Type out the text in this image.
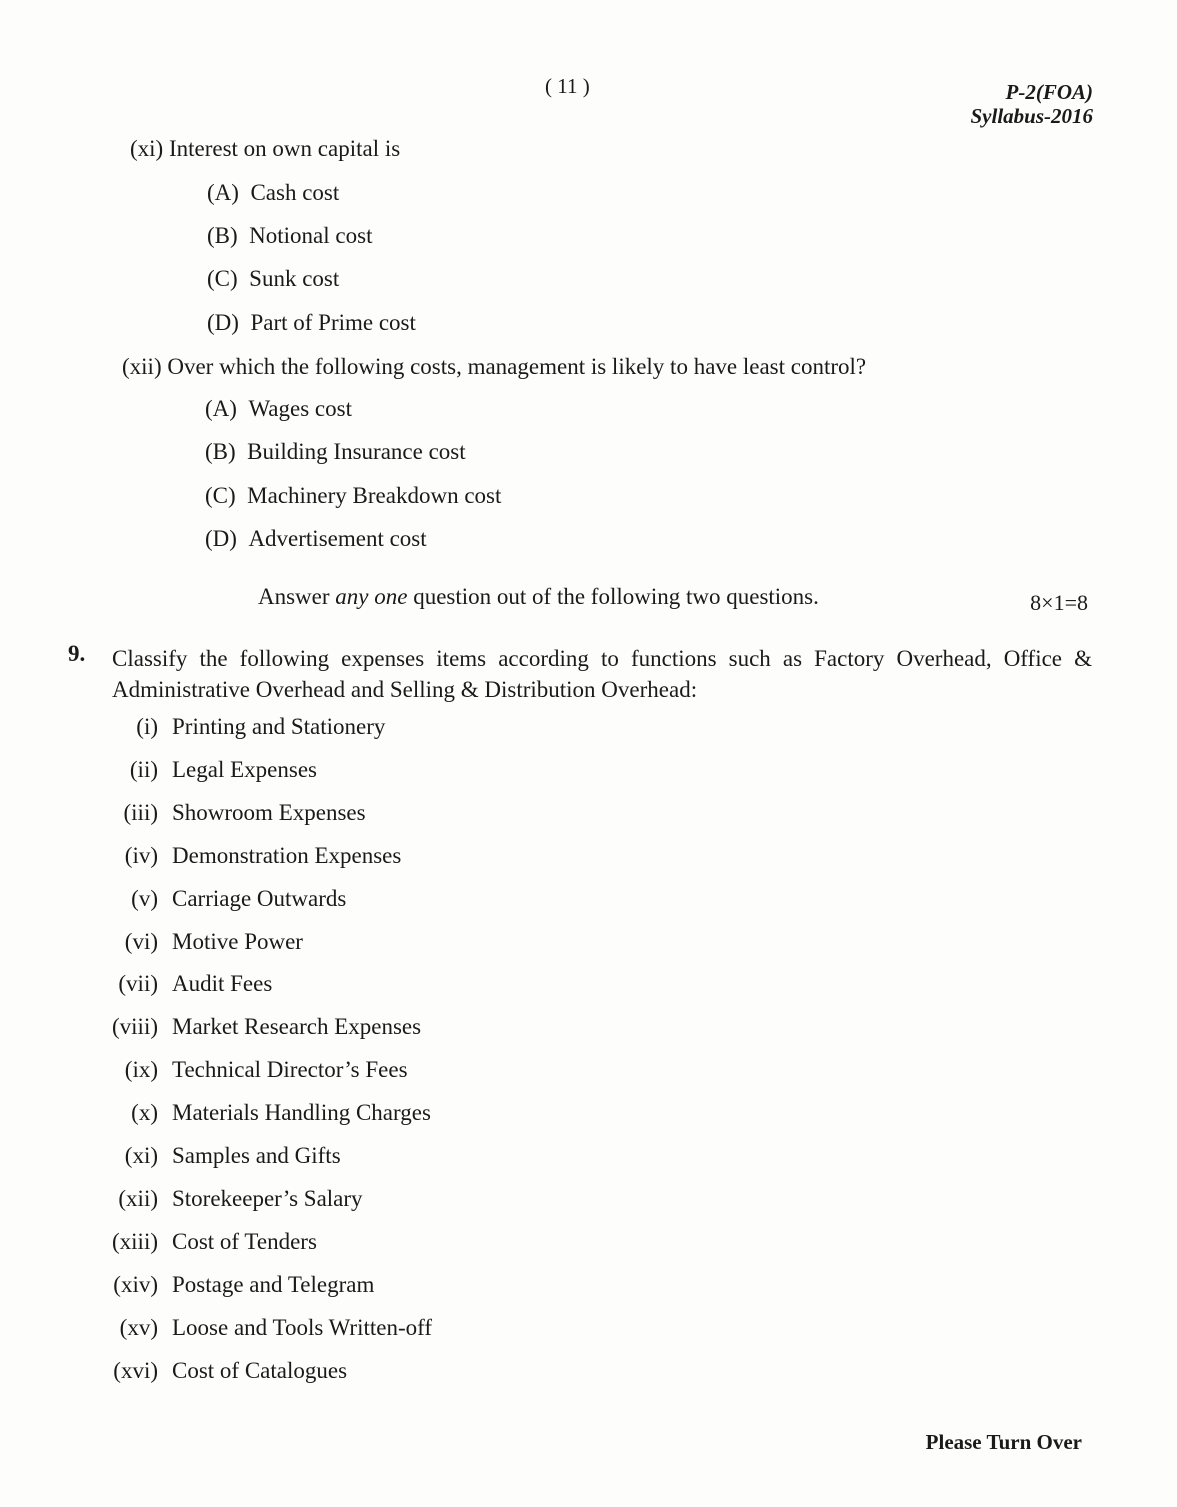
( 11 )	P-2(FOA)
Syllabus-2016
(xi) Interest on own capital is
(A) Cash cost
(B) Notional cost
(C) Sunk cost
(D) Part of Prime cost
(xii) Over which the following costs, management is likely to have least control?
(A) Wages cost
(B) Building Insurance cost
(C) Machinery Breakdown cost
(D) Advertisement cost
Answer any one question out of the following two questions.	8×1=8
9. Classify the following expenses items according to functions such as Factory Overhead, Office & Administrative Overhead and Selling & Distribution Overhead:
(i) Printing and Stationery
(ii) Legal Expenses
(iii) Showroom Expenses
(iv) Demonstration Expenses
(v) Carriage Outwards
(vi) Motive Power
(vii) Audit Fees
(viii) Market Research Expenses
(ix) Technical Director’s Fees
(x) Materials Handling Charges
(xi) Samples and Gifts
(xii) Storekeeper’s Salary
(xiii) Cost of Tenders
(xiv) Postage and Telegram
(xv) Loose and Tools Written-off
(xvi) Cost of Catalogues
Please Turn Over
